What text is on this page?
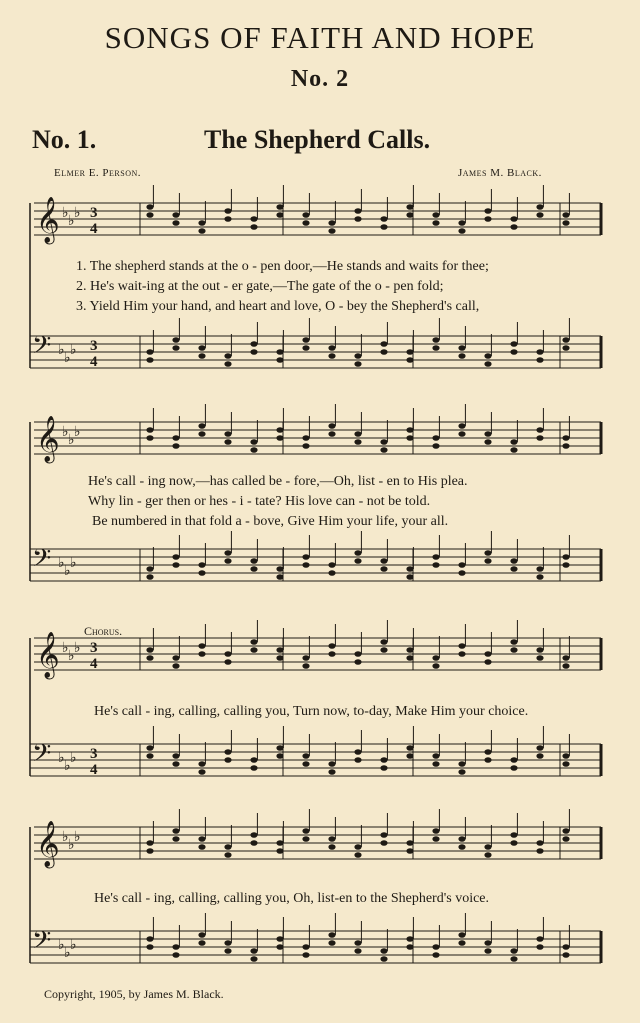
SONGS OF FAITH AND HOPE
No. 2
No. 1.	The Shepherd Calls.
Elmer E. Person.	James M. Black.
𝄞 ♭ ♭ ♭
𝄢 ♭ ♭ ♭
𝄞 ♭ ♭ ♭
𝄢 ♭ ♭ ♭
𝄞 ♭ ♭ ♭
𝄢 ♭ ♭ ♭
𝄞 ♭ ♭ ♭
𝄢 ♭ ♭ ♭
3
4
3
4
3
4
3
4
1. The shepherd stands at the o - pen door,—He stands and waits for thee;
2. He's wait-ing at the out - er gate,—The gate of the o - pen fold;
3. Yield Him your hand, and heart and love, O - bey the Shepherd's call,
He's call - ing now,—has called be - fore,—Oh, list - en to His plea.
Why lin - ger then or hes - i - tate? His love can - not be told.
Be numbered in that fold a - bove, Give Him your life, your all.
Chorus.
He's call - ing, calling, calling you, Turn now, to-day, Make Him your choice.
He's call - ing, calling, calling you, Oh, list-en to the Shepherd's voice.
Copyright, 1905, by James M. Black.
